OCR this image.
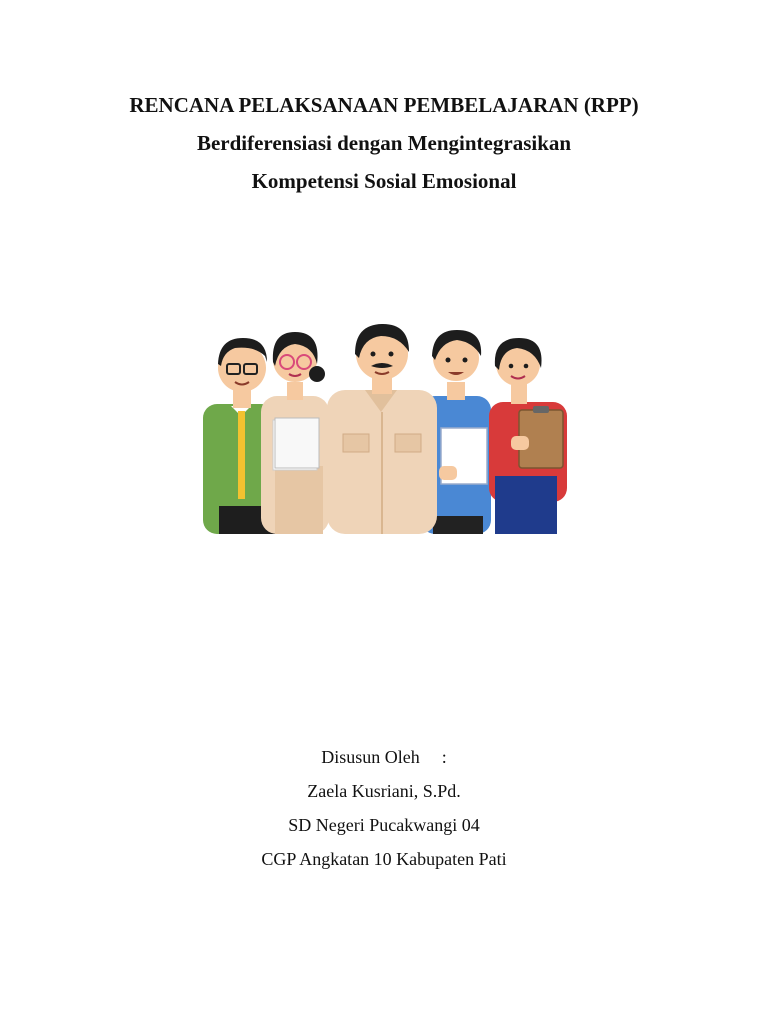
RENCANA PELAKSANAAN PEMBELAJARAN (RPP)
Berdiferensiasi dengan Mengintegrasikan
Kompetensi Sosial Emosional
Disusun Oleh :
Zaela Kusriani, S.Pd.
SD Negeri Pucakwangi 04
CGP Angkatan 10 Kabupaten Pati
